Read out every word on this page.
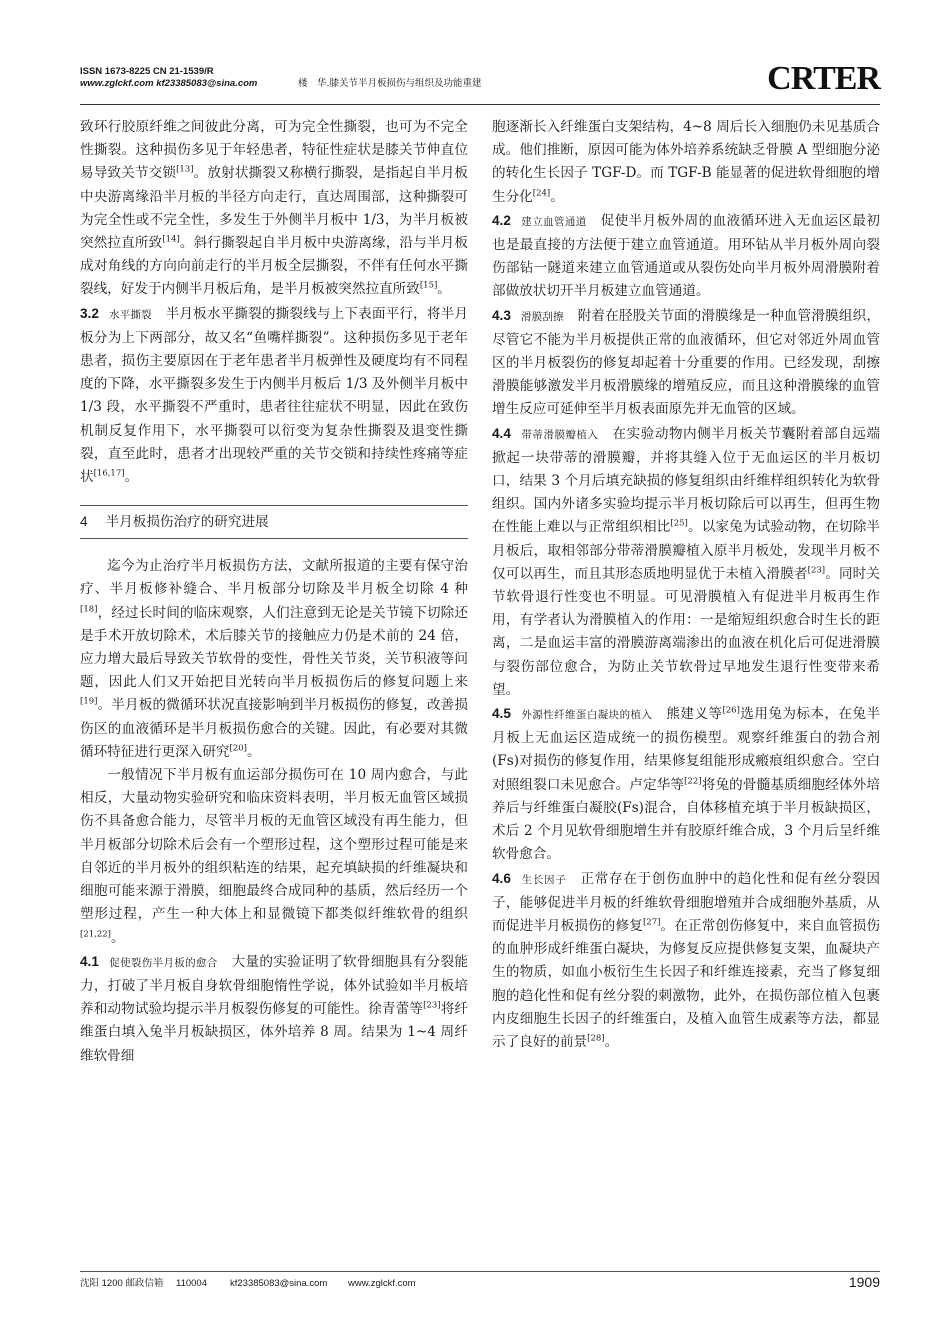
ISSN 1673-8225 CN 21-1539/R
www.zglckf.com kf23385083@sina.com	楼　华.膝关节半月板损伤与组织及功能重建	CRTER

致环行胶原纤维之间彼此分离，可为完全性撕裂，也可为不完全性撕裂。这种损伤多见于年轻患者，特征性症状是膝关节伸直位易导致关节交锁[13]。放射状撕裂又称横行撕裂，是指起自半月板中央游离缘沿半月板的半径方向走行，直达周围部，这种撕裂可为完全性或不完全性，多发生于外侧半月板中 1/3，为半月板被突然拉直所致[14]。斜行撕裂起自半月板中央游离缘，沿与半月板成对角线的方向向前走行的半月板全层撕裂，不伴有任何水平撕裂线，好发于内侧半月板后角，是半月板被突然拉直所致[15]。

3.2 水平撕裂 半月板水平撕裂的撕裂线与上下表面平行，将半月板分为上下两部分，故又名“鱼嘴样撕裂”。这种损伤多见于老年患者，损伤主要原因在于老年患者半月板弹性及硬度均有不同程度的下降，水平撕裂多发生于内侧半月板后 1/3 及外侧半月板中 1/3 段，水平撕裂不严重时，患者往往症状不明显，因此在致伤机制反复作用下，水平撕裂可以衍变为复杂性撕裂及退变性撕裂，直至此时，患者才出现较严重的关节交锁和持续性疼痛等症状[16,17]。

4 半月板损伤治疗的研究进展

迄今为止治疗半月板损伤方法，文献所报道的主要有保守治疗、半月板修补缝合、半月板部分切除及半月板全切除 4 种[18]，经过长时间的临床观察，人们注意到无论是关节镜下切除还是手术开放切除术，术后膝关节的接触应力仍是术前的 24 倍，应力增大最后导致关节软骨的变性，骨性关节炎，关节积液等问题，因此人们又开始把目光转向半月板损伤后的修复问题上来[19]。半月板的微循环状况直接影响到半月板损伤的修复，改善损伤区的血液循环是半月板损伤愈合的关键。因此，有必要对其微循环特征进行更深入研究[20]。

一般情况下半月板有血运部分损伤可在 10 周内愈合，与此相反，大量动物实验研究和临床资料表明，半月板无血管区域损伤不具备愈合能力，尽管半月板的无血管区域没有再生能力，但半月板部分切除术后会有一个塑形过程，这个塑形过程可能是来自邻近的半月板外的组织粘连的结果，起充填缺损的纤维凝块和细胞可能来源于滑膜，细胞最终合成同种的基质，然后经历一个塑形过程，产生一种大体上和显微镜下都类似纤维软骨的组织[21,22]。

4.1 促使裂伤半月板的愈合 大量的实验证明了软骨细胞具有分裂能力，打破了半月板自身软骨细胞惰性学说，体外试验如半月板培养和动物试验均提示半月板裂伤修复的可能性。徐青蕾等[23]将纤维蛋白填入兔半月板缺损区，体外培养 8 周。结果为 1~4 周纤维软骨细

胞逐渐长入纤维蛋白支架结构，4~8 周后长入细胞仍未见基质合成。他们推断，原因可能为体外培养系统缺乏骨膜 A 型细胞分泌的转化生长因子 TGF-D。而 TGF-B 能显著的促进软骨细胞的增生分化[24]。

4.2 建立血管通道 促使半月板外周的血液循环进入无血运区最初也是最直接的方法便于建立血管通道。用环钻从半月板外周向裂伤部钻一隧道来建立血管通道或从裂伤处向半月板外周滑膜附着部做放状切开半月板建立血管通道。

4.3 滑膜刮擦 附着在胫股关节面的滑膜缘是一种血管滑膜组织，尽管它不能为半月板提供正常的血液循环，但它对邻近外周血管区的半月板裂伤的修复却起着十分重要的作用。已经发现，刮擦滑膜能够激发半月板滑膜缘的增殖反应，而且这种滑膜缘的血管增生反应可延伸至半月板表面原先并无血管的区域。

4.4 带蒂滑膜瓣植入 在实验动物内侧半月板关节囊附着部自远端掀起一块带蒂的滑膜瓣，并将其缝入位于无血运区的半月板切口，结果 3 个月后填充缺损的修复组织由纤维样组织转化为软骨组织。国内外诸多实验均提示半月板切除后可以再生，但再生物在性能上难以与正常组织相比[25]。以家兔为试验动物，在切除半月板后，取相邻部分带蒂滑膜瓣植入原半月板处，发现半月板不仅可以再生，而且其形态质地明显优于未植入滑膜者[23]。同时关节软骨退行性变也不明显。可见滑膜植入有促进半月板再生作用，有学者认为滑膜植入的作用：一是缩短组织愈合时生长的距离，二是血运丰富的滑膜游离端渗出的血液在机化后可促进滑膜与裂伤部位愈合，为防止关节软骨过早地发生退行性变带来希望。

4.5 外源性纤维蛋白凝块的植入 熊建义等[26]选用兔为标本，在兔半月板上无血运区造成统一的损伤模型。观察纤维蛋白的勃合剂(Fs)对损伤的修复作用，结果修复组能形成瘢痕组织愈合。空白对照组裂口未见愈合。卢定华等[22]将兔的骨髓基质细胞经体外培养后与纤维蛋白凝胶(Fs)混合，自体移植充填于半月板缺损区，术后 2 个月见软骨细胞增生并有胶原纤维合成，3 个月后呈纤维软骨愈合。

4.6 生长因子 正常存在于创伤血肿中的趋化性和促有丝分裂因子，能够促进半月板的纤维软骨细胞增殖并合成细胞外基质，从而促进半月板损伤的修复[27]。在正常创伤修复中，来自血管损伤的血肿形成纤维蛋白凝块，为修复反应提供修复支架，血凝块产生的物质，如血小板衍生生长因子和纤维连接素，充当了修复细胞的趋化性和促有丝分裂的刺激物，此外，在损伤部位植入包裹内皮细胞生长因子的纤维蛋白，及植入血管生成素等方法，都显示了良好的前景[28]。

沈阳 1200 邮政信箱 110004 kf23385083@sina.com www.zglckf.com	1909
